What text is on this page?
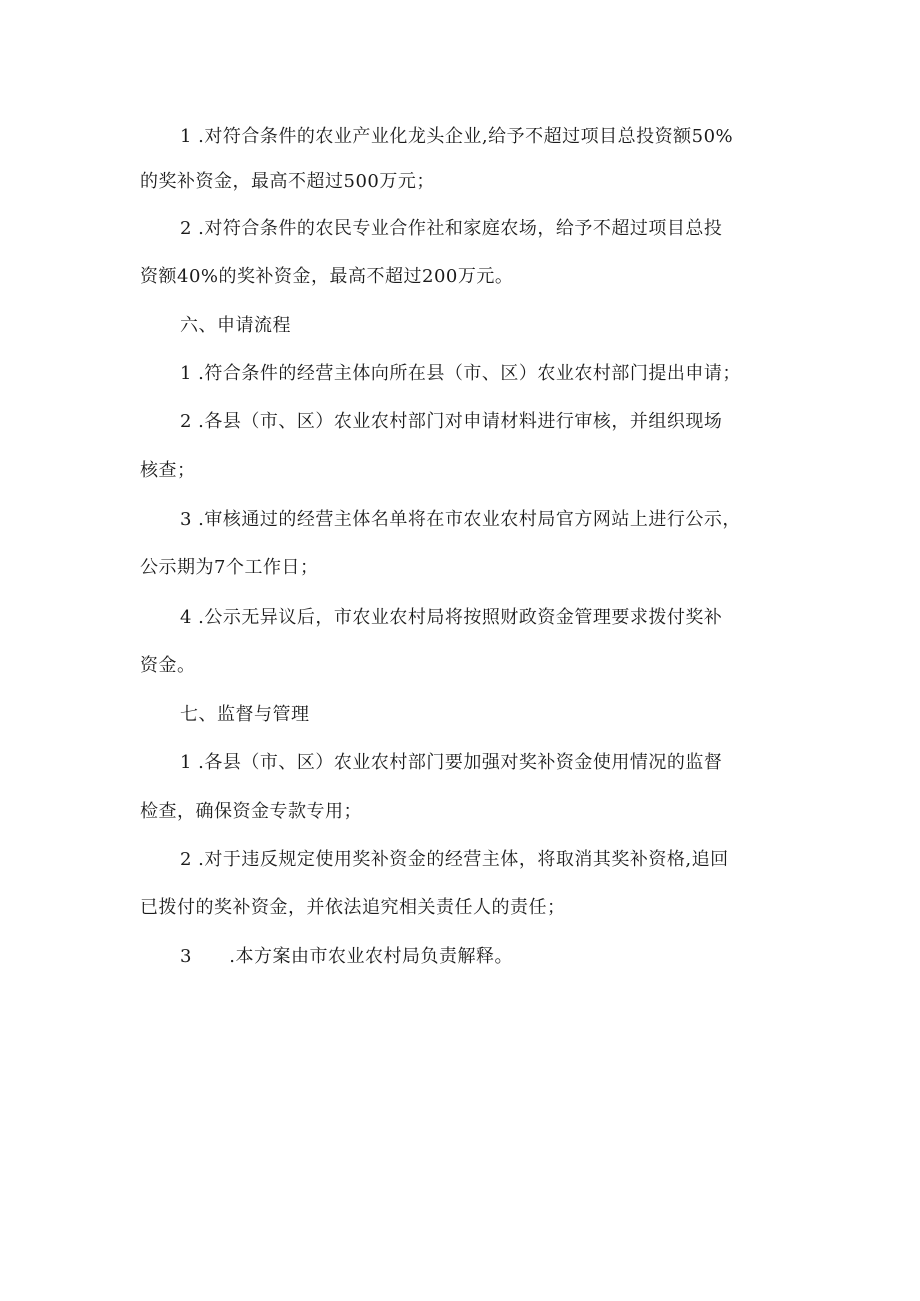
1 .对符合条件的农业产业化龙头企业,给予不超过项目总投资额50%
的奖补资金，最高不超过500万元；
2 .对符合条件的农民专业合作社和家庭农场，给予不超过项目总投
资额40%的奖补资金，最高不超过200万元。
六、申请流程
1 .符合条件的经营主体向所在县（市、区）农业农村部门提出申请；
2 .各县（市、区）农业农村部门对申请材料进行审核，并组织现场
核查；
3 .审核通过的经营主体名单将在市农业农村局官方网站上进行公示，
公示期为7个工作日；
4 .公示无异议后，市农业农村局将按照财政资金管理要求拨付奖补
资金。
七、监督与管理
1 .各县（市、区）农业农村部门要加强对奖补资金使用情况的监督
检查，确保资金专款专用；
2 .对于违反规定使用奖补资金的经营主体，将取消其奖补资格,追回
已拨付的奖补资金，并依法追究相关责任人的责任；
3      .本方案由市农业农村局负责解释。
